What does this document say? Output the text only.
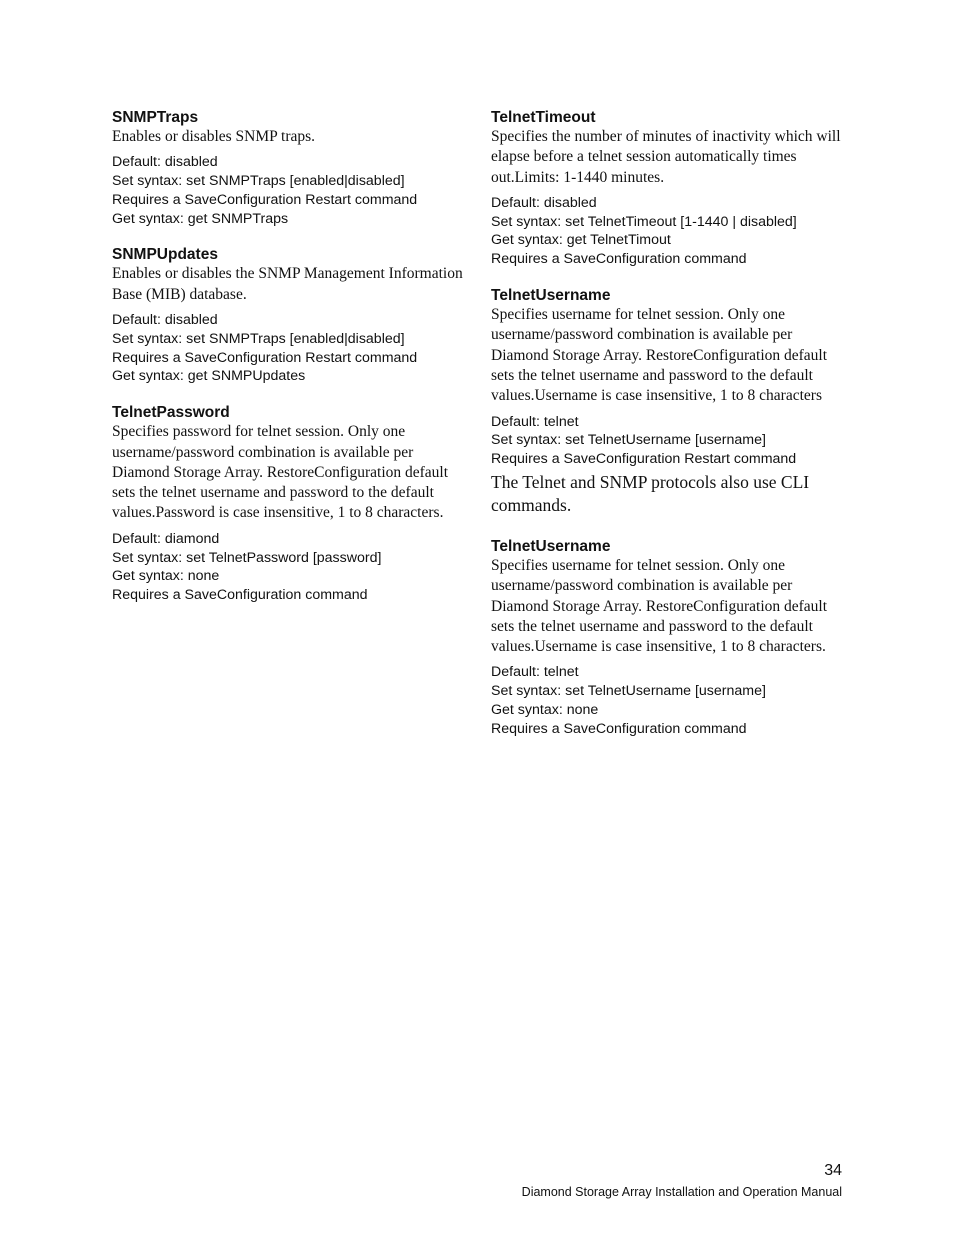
SNMPTraps
Enables or disables SNMP traps.
Default: disabled
Set syntax: set SNMPTraps [enabled|disabled]
Requires a SaveConfiguration Restart command
Get syntax: get SNMPTraps
SNMPUpdates
Enables or disables the SNMP Management Information
Base (MIB) database.
Default: disabled
Set syntax: set SNMPTraps [enabled|disabled]
Requires a SaveConfiguration Restart command
Get syntax: get SNMPUpdates
TelnetPassword
Specifies password for telnet session. Only one
username/password combination is available per
Diamond Storage Array. RestoreConfiguration default
sets the telnet username and password to the default
values.Password is case insensitive, 1 to 8 characters.
Default: diamond
Set syntax: set TelnetPassword [password]
Get syntax: none
Requires a SaveConfiguration command
TelnetTimeout
Specifies the number of minutes of inactivity which will
elapse before a telnet session automatically times
out.Limits: 1-1440 minutes.
Default: disabled
Set syntax: set TelnetTimeout [1-1440 | disabled]
Get syntax: get TelnetTimout
Requires a SaveConfiguration command
TelnetUsername
Specifies username for telnet session. Only one
username/password combination is available per
Diamond Storage Array. RestoreConfiguration default
sets the telnet username and password to the default
values.Username is case insensitive, 1 to 8 characters
Default: telnet
Set syntax: set TelnetUsername [username]
Requires a SaveConfiguration Restart command
The Telnet and SNMP protocols also use CLI
commands.
TelnetUsername
Specifies username for telnet session. Only one
username/password combination is available per
Diamond Storage Array. RestoreConfiguration default
sets the telnet username and password to the default
values.Username is case insensitive, 1 to 8 characters.
Default: telnet
Set syntax: set TelnetUsername [username]
Get syntax: none
Requires a SaveConfiguration command
34
Diamond Storage Array Installation and Operation Manual
